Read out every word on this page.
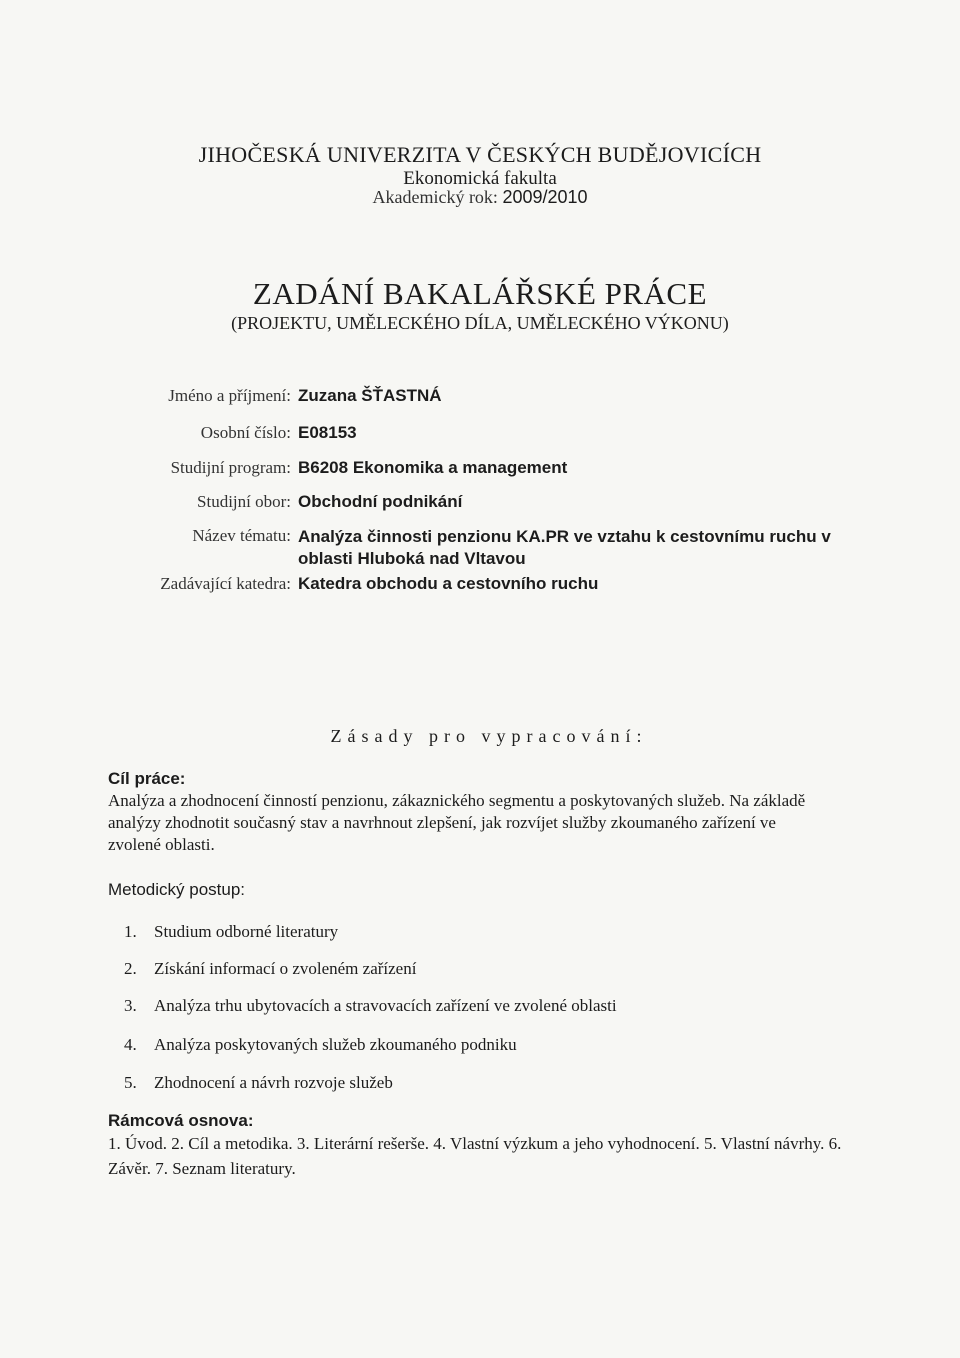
JIHOČESKÁ UNIVERZITA V ČESKÝCH BUDĚJOVICÍCH
Ekonomická fakulta
Akademický rok: 2009/2010
ZADÁNÍ BAKALÁŘSKÉ PRÁCE
(PROJEKTU, UMĚLECKÉHO DÍLA, UMĚLECKÉHO VÝKONU)
Jméno a příjmení: Zuzana ŠŤASTNÁ
Osobní číslo: E08153
Studijní program: B6208 Ekonomika a management
Studijní obor: Obchodní podnikání
Název tématu: Analýza činnosti penzionu KA.PR ve vztahu k cestovnímu ruchu v oblasti Hluboká nad Vltavou
Zadávající katedra: Katedra obchodu a cestovního ruchu
Zásady pro vypracování:
Cíl práce:
Analýza a zhodnocení činností penzionu, zákaznického segmentu a poskytovaných služeb. Na základě analýzy zhodnotit současný stav a navrhnout zlepšení, jak rozvíjet služby zkoumaného zařízení ve zvolené oblasti.
Metodický postup:
1. Studium odborné literatury
2. Získání informací o zvoleném zařízení
3. Analýza trhu ubytovacích a stravovacích zařízení ve zvolené oblasti
4. Analýza poskytovaných služeb zkoumaného podniku
5. Zhodnocení a návrh rozvoje služeb
Rámcová osnova:
1. Úvod. 2. Cíl a metodika. 3. Literární rešerše. 4. Vlastní výzkum a jeho vyhodnocení. 5. Vlastní návrhy. 6. Závěr. 7. Seznam literatury.
